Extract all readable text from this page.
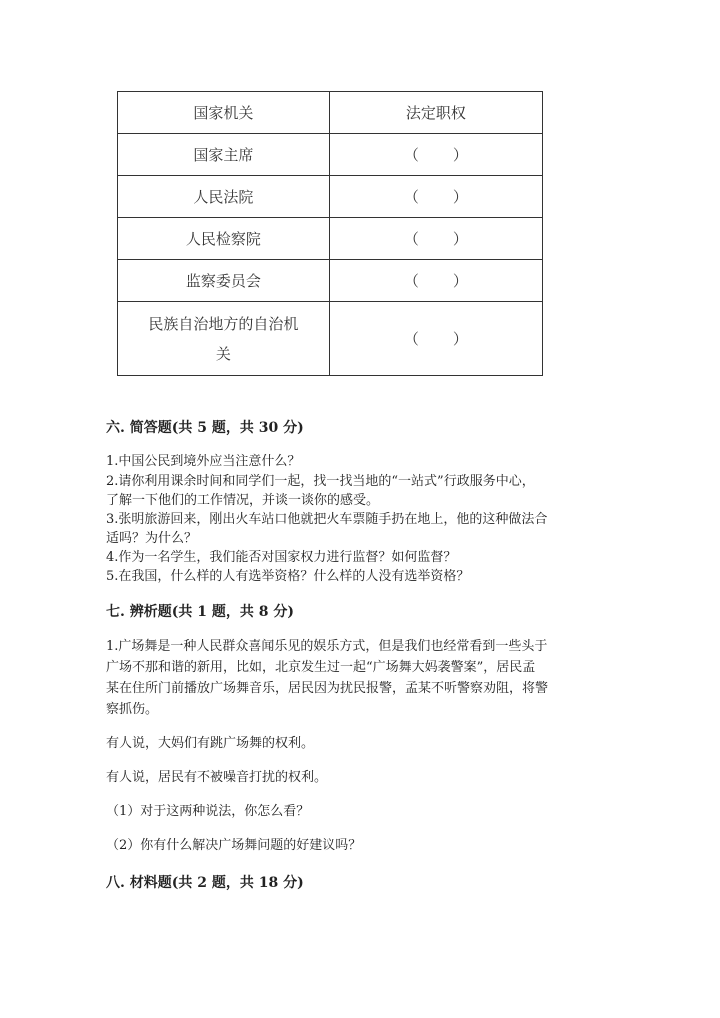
国家机关	法定职权
国家主席	（ ）

人民法院	（ ）

人民检察院	（ ）

监察委员会	（ ）

民族自治地方的自治机
关	（ ）
六. 简答题(共 5 题，共 30 分)
1.中国公民到境外应当注意什么？
2.请你利用课余时间和同学们一起，找一找当地的“一站式”行政服务中心，
了解一下他们的工作情况，并谈一谈你的感受。
3.张明旅游回来，刚出火车站口他就把火车票随手扔在地上，他的这种做法合
适吗？为什么？
4.作为一名学生，我们能否对国家权力进行监督？如何监督？
5.在我国，什么样的人有选举资格？什么样的人没有选举资格？
七. 辨析题(共 1 题，共 8 分)
1.广场舞是一种人民群众喜闻乐见的娱乐方式，但是我们也经常看到一些头于
广场不那和谐的新用，比如，北京发生过一起“广场舞大妈袭警案”，居民孟
某在住所门前播放广场舞音乐，居民因为扰民报警，孟某不听警察劝阻，将警
察抓伤。
有人说，大妈们有跳广场舞的权利。
有人说，居民有不被噪音打扰的权利。
（1）对于这两种说法，你怎么看？
（2）你有什么解决广场舞问题的好建议吗？
八. 材料题(共 2 题，共 18 分)
